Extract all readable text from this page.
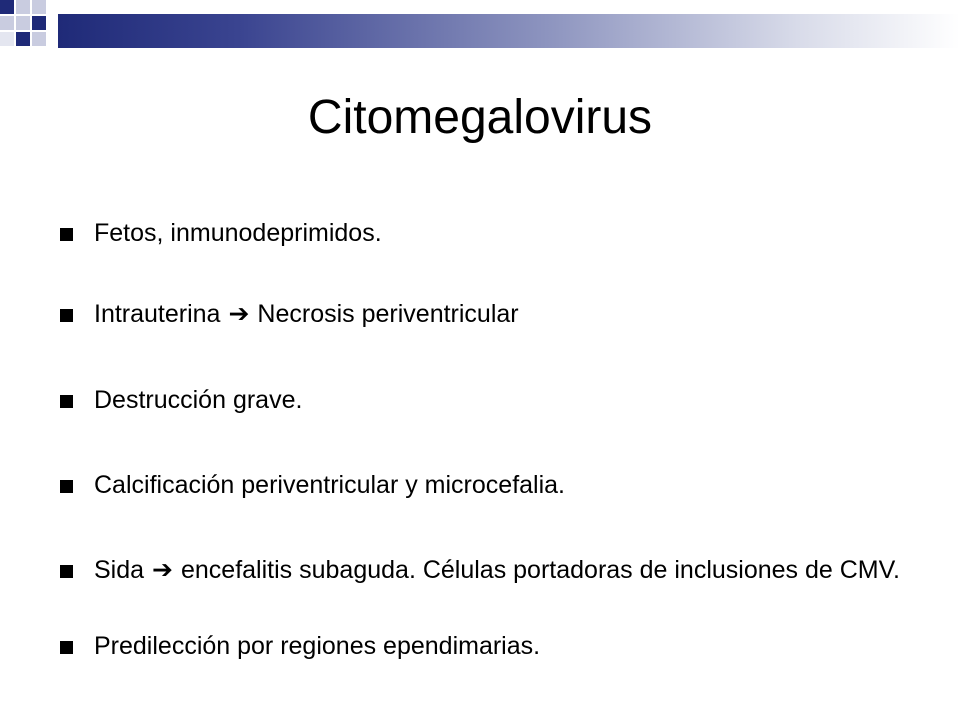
Citomegalovirus
Fetos, inmunodeprimidos.
Intrauterina ➔ Necrosis periventricular
Destrucción grave.
Calcificación periventricular y microcefalia.
Sida ➔ encefalitis subaguda. Células portadoras de inclusiones de CMV.
Predilección por regiones ependimarias.
